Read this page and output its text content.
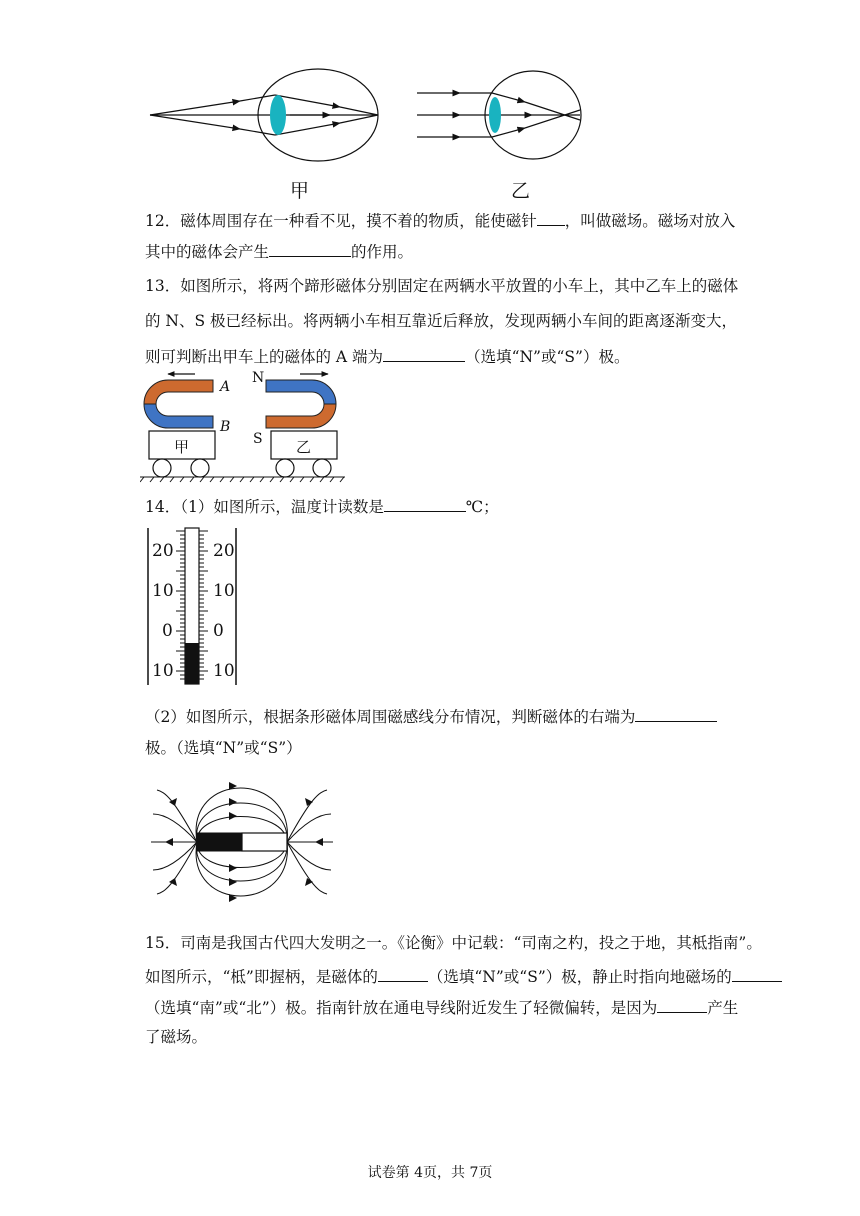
甲	乙
12．磁体周围存在一种看不见，摸不着的物质，能使磁针 ，叫做磁场。磁场对放入
其中的磁体会产生	的作用。
13．如图所示，将两个蹄形磁体分别固定在两辆水平放置的小车上，其中乙车上的磁体
的 N、S 极已经标出。将两辆小车相互靠近后释放，发现两辆小车间的距离逐渐变大，
则可判断出甲车上的磁体的 A 端为	（选填“N”或“S”）极。
A
B
N
S
甲	乙
14．（1）如图所示，温度计读数是	℃；
20
10
0
10
20
10
0
10
（2）如图所示，根据条形磁体周围磁感线分布情况，判断磁体的右端为
极。（选填“N”或“S”）
15．司南是我国古代四大发明之一。《论衡》中记载：“司南之杓，投之于地，其柢指南”。
如图所示，“柢”即握柄，是磁体的	（选填“N”或“S”）极，静止时指向地磁场的
（选填“南”或“北”）极。指南针放在通电导线附近发生了轻微偏转，是因为	产生
了磁场。
试卷第 4页，共 7页
